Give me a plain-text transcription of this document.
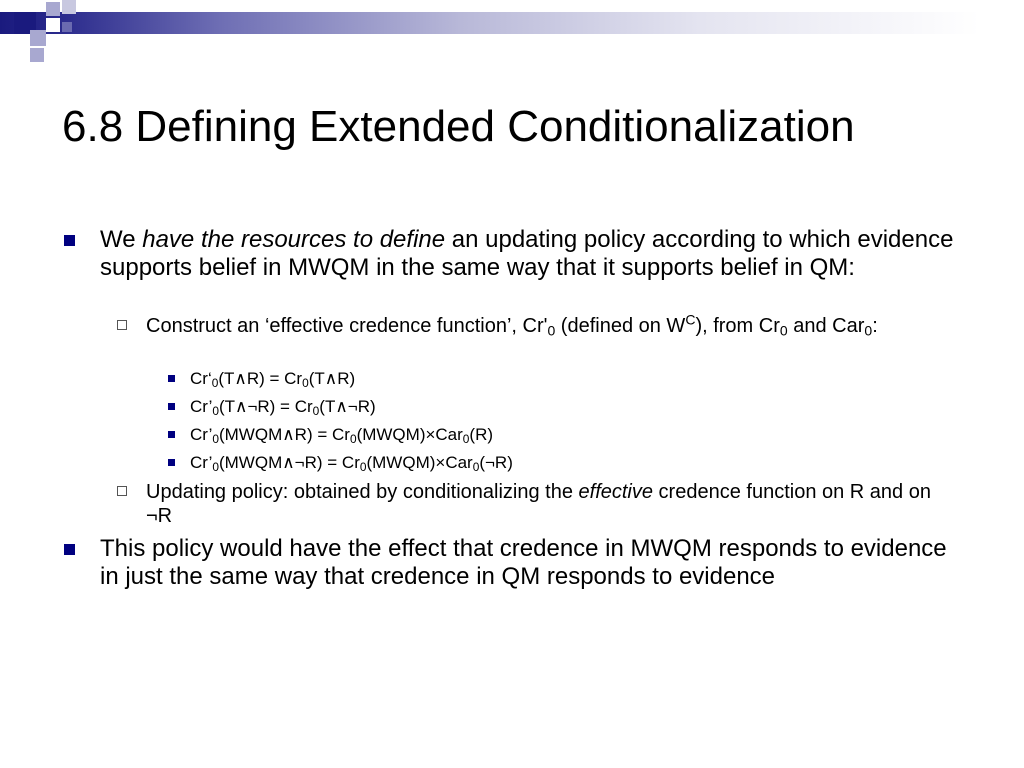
6.8 Defining Extended Conditionalization
We have the resources to define an updating policy according to which evidence supports belief in MWQM in the same way that it supports belief in QM:
Construct an ‘effective credence function’, $Cr'_0$ (defined on $W^C$), from $Cr_0$ and Car$_0$:
$Cr‘_0(T\wedge R)$ = $Cr_0(T\wedge R)$
$Cr’_0(T\wedge\neg R)$ = $Cr_0(T\wedge\neg R)$
$Cr’_0(MWQM\wedge R)$ = $Cr_0(MWQM)\times Car_0(R)$
$Cr’_0(MWQM\wedge\neg R)$ = $Cr_0(MWQM)\times Car_0(\neg R)$
Updating policy: obtained by conditionalizing the effective credence function on R and on ¬R
This policy would have the effect that credence in MWQM responds to evidence in just the same way that credence in QM responds to evidence
